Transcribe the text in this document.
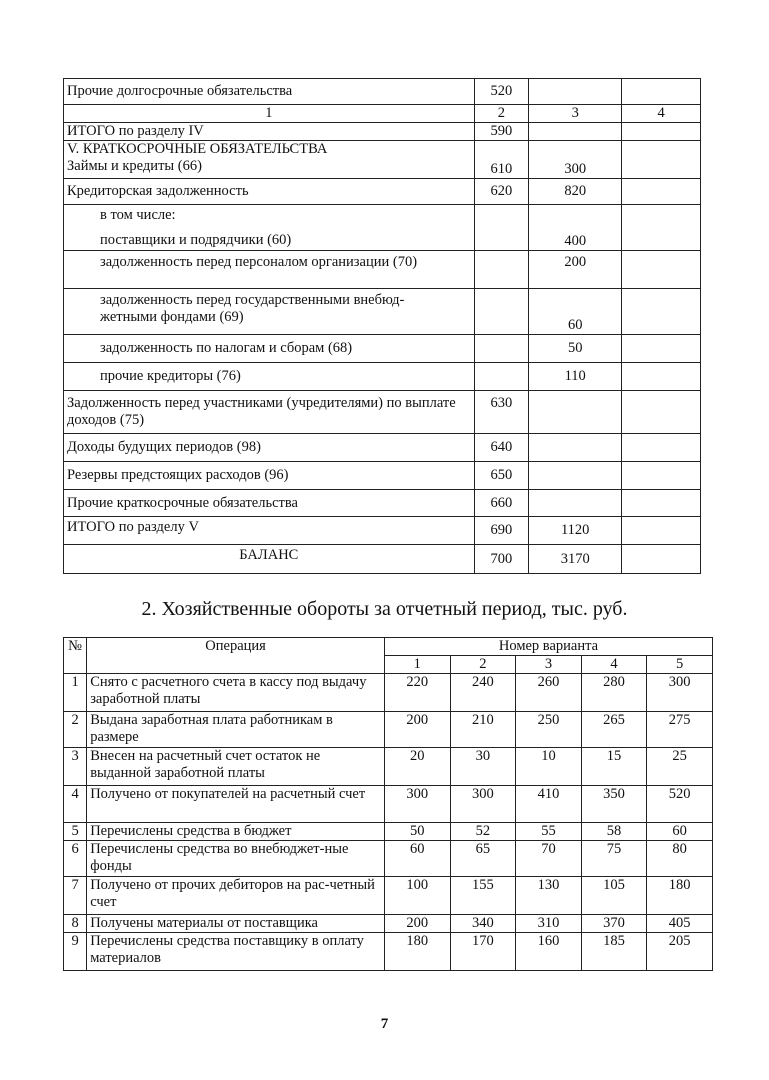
Прочие долгосрочные обязательства	520		
1	2	3	4
ИТОГО по разделу IV	590		

V. КРАТКОСРОЧНЫЕ ОБЯЗАТЕЛЬСТВА
Займы и кредиты (66)	610	300	
Кредиторская задолженность	620	820	

в том числе:
поставщики и подрядчики (60)		400	
задолженность перед персоналом организации (70)		200	

задолженность перед государственными внебюд-
жетными фондами (69)		60	
задолженность по налогам и сборам (68)		50	
прочие кредиторы (76)		110	
Задолженность перед участниками (учредителями) по выплате доходов (75)	630		
Доходы будущих периодов (98)	640		
Резервы предстоящих расходов (96)	650		
Прочие краткосрочные обязательства	660		
ИТОГО по разделу V	690	1120	
БАЛАНС	700	3170	
2. Хозяйственные обороты за отчетный период, тыс. руб.
№	Операция	Номер варианта				
		1	2	3	4	5
1	Снято с расчетного счета в кассу под выдачу заработной платы	220	240	260	280	300
2	Выдана заработная плата работникам в размере	200	210	250	265	275
3	Внесен на расчетный счет остаток не выданной заработной платы	20	30	10	15	25
4	Получено от покупателей на расчетный счет	300	300	410	350	520
5	Перечислены средства в бюджет	50	52	55	58	60
6	Перечислены средства во внебюджет-ные фонды	60	65	70	75	80
7	Получено от прочих дебиторов на рас-четный счет	100	155	130	105	180
8	Получены материалы от поставщика	200	340	310	370	405
9	Перечислены средства поставщику в оплату материалов	180	170	160	185	205
7
